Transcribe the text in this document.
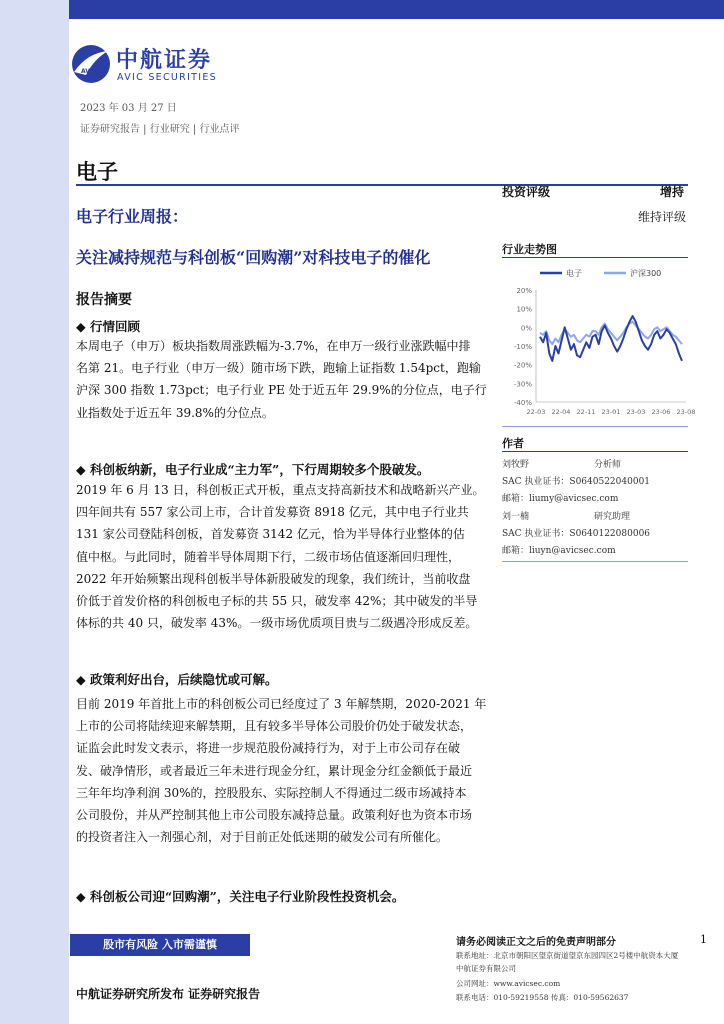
AVIC 中航证券
AVIC SECURITIES
2023 年 03 月 27 日
证券研究报告 | 行业研究 | 行业点评
电子
电子行业周报：
关注减持规范与科创板“回购潮”对科技电子的催化
报告摘要
◆ 行情回顾

本周电子（申万）板块指数周涨跌幅为-3.7%，在申万一级行业涨跌幅中排

名第 21。电子行业（申万一级）随市场下跌，跑输上证指数 1.54pct，跑输

沪深 300 指数 1.73pct；电子行业 PE 处于近五年 29.9%的分位点，电子行

业指数处于近五年 39.8%的分位点。

◆ 科创板纳新，电子行业成“主力军”，下行周期较多个股破发。

2019 年 6 月 13 日，科创板正式开板，重点支持高新技术和战略新兴产业。

四年间共有 557 家公司上市，合计首发募资 8918 亿元，其中电子行业共

131 家公司登陆科创板，首发募资 3142 亿元，恰为半导体行业整体的估

值中枢。与此同时，随着半导体周期下行，二级市场估值逐渐回归理性，

2022 年开始频繁出现科创板半导体新股破发的现象，我们统计，当前收盘

价低于首发价格的科创板电子标的共 55 只，破发率 42%；其中破发的半导

体标的共 40 只，破发率 43%。一级市场优质项目贵与二级遇冷形成反差。

◆ 政策利好出台，后续隐忧或可解。

目前 2019 年首批上市的科创板公司已经度过了 3 年解禁期，2020-2021 年

上市的公司将陆续迎来解禁期，且有较多半导体公司股价仍处于破发状态，

证监会此时发文表示，将进一步规范股份减持行为，对于上市公司存在破

发、破净情形，或者最近三年未进行现金分红，累计现金分红金额低于最近

三年年均净利润 30%的，控股股东、实际控制人不得通过二级市场减持本

公司股份，并从严控制其他上市公司股东减持总量。政策利好也为资本市场

的投资者注入一剂强心剂，对于目前正处低迷期的破发公司有所催化。

◆ 科创板公司迎“回购潮”，关注电子行业阶段性投资机会。
投资评级	增持
维持评级
行业走势图
电子	沪深300
20%
10%
0%
-10%
-20%
-30%
-40%
22-03 22-04 22-11 23-01 23-03 23-06 23-08
作者
刘牧野	分析师
SAC 执业证书：S0640522040001
邮箱：liumy@avicsec.com
刘一楠	研究助理
SAC 执业证书：S0640122080006
邮箱：liuyn@avicsec.com
股市有风险 入市需谨慎	请务必阅读正文之后的免责声明部分	1
联系地址：北京市朝阳区望京街道望京东园四区2号楼中航资本大厦
中航证券有限公司
公司网址：www.avicsec.com
联系电话：010-59219558 传真：010-59562637
中航证券研究所发布 证券研究报告
